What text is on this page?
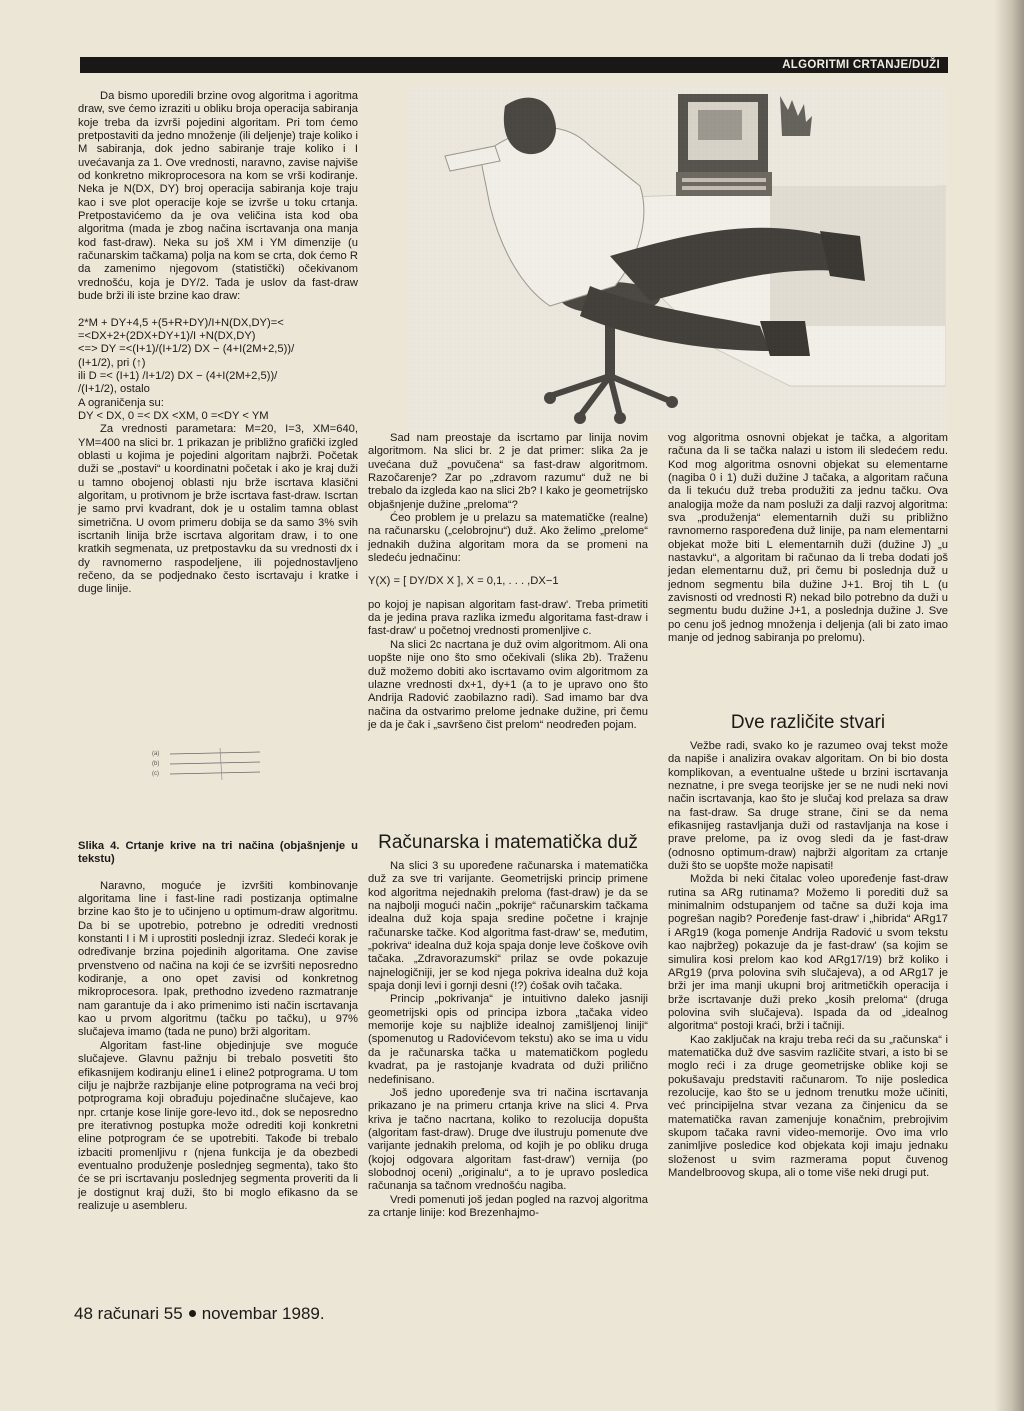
ALGORITMI CRTANJE/DUŽI

Da bismo uporedili brzine ovog algoritma i agoritma draw, sve ćemo izraziti u obliku broja operacija sabiranja koje treba da izvrši pojedini algoritam. Pri tom ćemo pretpostaviti da jedno množenje (ili deljenje) traje koliko i M sabiranja, dok jedno sabiranje traje koliko i I uvećavanja za 1. Ove vrednosti, naravno, zavise najviše od konkretno mikroprocesora na kom se vrši kodiranje. Neka je N(DX, DY) broj operacija sabiranja koje traju kao i sve plot operacije koje se izvrše u toku crtanja. Pretpostavićemo da je ova veličina ista kod oba algoritma (mada je zbog načina iscrtavanja ona manja kod fast-draw). Neka su još XM i YM dimenzije (u računarskim tačkama) polja na kom se crta, dok ćemo R da zamenimo njegovom (statistički) očekivanom vrednošću, koja je DY/2. Tada je uslov da fast-draw bude brži ili iste brzine kao draw:

2*M + DY+4,5 +(5+R+DY)/I+N(DX,DY)=<

=<DX+2+(2DX+DY+1)/I +N(DX,DY)

<=> DY =<(I+1)/(I+1/2) DX − (4+I(2M+2,5))/

(I+1/2), pri (↑)

ili D =< (I+1) /I+1/2) DX − (4+I(2M+2,5))/

/(I+1/2), ostalo

A ograničenja su:

DY < DX, 0 =< DX <XM, 0 =<DY < YM

Za vrednosti parametara: M=20, I=3, XM=640, YM=400 na slici br. 1 prikazan je približno grafički izgled oblasti u kojima je pojedini algoritam najbrži. Početak duži se „postavi“ u koordinatni početak i ako je kraj duži u tamno obojenoj oblasti nju brže iscrtava klasični algoritam, u protivnom je brže iscrtava fast-draw. Iscrtan je samo prvi kvadrant, dok je u ostalim tamna oblast simetrična. U ovom primeru dobija se da samo 3% svih iscrtanih linija brže iscrtava algoritam draw, i to one kratkih segmenata, uz pretpostavku da su vrednosti dx i dy ravnomerno raspodeljene, ili pojednostavljeno rečeno, da se podjednako često iscrtavaju i kratke i duge linije.

(a)
(b)
(c)

Slika 4. Crtanje krive na tri načina (objašnjenje u tekstu)

Naravno, moguće je izvršiti kombinovanje algoritama line i fast-line radi postizanja optimalne brzine kao što je to učinjeno u optimum-draw algoritmu. Da bi se upotrebio, potrebno je odrediti vrednosti konstanti I i M i uprostiti poslednji izraz. Sledeći korak je određivanje brzina pojedinih algoritama. One zavise prvenstveno od načina na koji će se izvršiti neposredno kodiranje, a ono opet zavisi od konkretnog mikroprocesora. Ipak, prethodno izvedeno razmatranje nam garantuje da i ako primenimo isti način iscrtavanja kao u prvom algoritmu (tačku po tačku), u 97% slučajeva imamo (tada ne puno) brži algoritam.

Algoritam fast-line objedinjuje sve moguće slučajeve. Glavnu pažnju bi trebalo posvetiti što efikasnijem kodiranju eline1 i eline2 potprograma. U tom cilju je najbrže razbijanje eline potprograma na veći broj potprograma koji obrađuju pojedinačne slučajeve, kao npr. crtanje kose linije gore-levo itd., dok se neposredno pre iterativnog postupka može odrediti koji konkretni eline potprogram će se upotrebiti. Takođe bi trebalo izbaciti promenljivu r (njena funkcija je da obezbedi eventualno produženje poslednjeg segmenta), tako što će se pri iscrtavanju poslednjeg segmenta proveriti da li je dostignut kraj duži, što bi moglo efikasno da se realizuje u asembleru.

Sad nam preostaje da iscrtamo par linija novim algoritmom. Na slici br. 2 je dat primer: slika 2a je uvećana duž „povučena“ sa fast-draw algoritmom. Razočarenje? Zar po „zdravom razumu“ duž ne bi trebalo da izgleda kao na slici 2b? I kako je geometrijsko objašnjenje dužine „preloma“?

Ćeo problem je u prelazu sa matematičke (realne) na računarsku („celobrojnu“) duž. Ako želimo „prelome“ jednakih dužina algoritam mora da se promeni na sledeću jednačinu:

Y(X) = [ DY/DX X ], X = 0,1, . . . ,DX−1

po kojoj je napisan algoritam fast-draw'. Treba primetiti da je jedina prava razlika između algoritama fast-draw i fast-draw' u početnoj vrednosti promenljive c.

Na slici 2c nacrtana je duž ovim algoritmom. Ali ona uopšte nije ono što smo očekivali (slika 2b). Traženu duž možemo dobiti ako iscrtavamo ovim algoritmom za ulazne vrednosti dx+1, dy+1 (a to je upravo ono što Andrija Radović zaobilazno radi). Sad imamo bar dva načina da ostvarimo prelome jednake dužine, pri čemu je da je čak i „savršeno čist prelom“ neodređen pojam.

Računarska i matematička duž

Na slici 3 su upoređene računarska i matematička duž za sve tri varijante. Geometrijski princip primene kod algoritma nejednakih preloma (fast-draw) je da se na najbolji mogući način „pokrije“ računarskim tačkama idealna duž koja spaja sredine početne i krajnje računarske tačke. Kod algoritma fast-draw' se, međutim, „pokriva“ idealna duž koja spaja donje leve čoškove ovih tačaka. „Zdravorazumski“ prilaz se ovde pokazuje najnelogičniji, jer se kod njega pokriva idealna duž koja spaja donji levi i gornji desni (!?) ćošak ovih tačaka.

Princip „pokrivanja“ je intuitivno daleko jasniji geometrijski opis od principa izbora „tačaka video memorije koje su najbliže idealnoj zamišljenoj liniji“ (spomenutog u Radovićevom tekstu) ako se ima u vidu da je računarska tačka u matematičkom pogledu kvadrat, pa je rastojanje kvadrata od duži prilično nedefinisano.

Još jedno upoređenje sva tri načina iscrtavanja prikazano je na primeru crtanja krive na slici 4. Prva kriva je tačno nacrtana, koliko to rezolucija dopušta (algoritam fast-draw). Druge dve ilustruju pomenute dve varijante jednakih preloma, od kojih je po obliku druga (kojoj odgovara algoritam fast-draw') vernija (po slobodnoj oceni) „originalu“, a to je upravo posledica računanja sa tačnom vrednošću nagiba.

Vredi pomenuti još jedan pogled na razvoj algoritma za crtanje linije: kod Brezenhajmo-

vog algoritma osnovni objekat je tačka, a algoritam računa da li se tačka nalazi u istom ili sledećem redu. Kod mog algoritma osnovni objekat su elementarne (nagiba 0 i 1) duži dužine J tačaka, a algoritam računa da li tekuću duž treba produžiti za jednu tačku. Ova analogija može da nam posluži za dalji razvoj algoritma: sva „produženja“ elementarnih duži su približno ravnomerno raspoređena duž linije, pa nam elementarni objekat može biti L elementarnih duži (dužine J) „u nastavku“, a algoritam bi računao da li treba dodati još jedan elementarnu duž, pri čemu bi poslednja duž u jednom segmentu bila dužine J+1. Broj tih L (u zavisnosti od vrednosti R) nekad bilo potrebno da duži u segmentu budu dužine J+1, a poslednja dužine J. Sve po cenu još jednog množenja i deljenja (ali bi zato imao manje od jednog sabiranja po prelomu).

Dve različite stvari

Vežbe radi, svako ko je razumeo ovaj tekst može da napiše i analizira ovakav algoritam. On bi bio dosta komplikovan, a eventualne uštede u brzini iscrtavanja neznatne, i pre svega teorijske jer se ne nudi neki novi način iscrtavanja, kao što je slučaj kod prelaza sa draw na fast-draw. Sa druge strane, čini se da nema efikasnijeg rastavljanja duži od rastavljanja na kose i prave prelome, pa iz ovog sledi da je fast-draw (odnosno optimum-draw) najbrži algoritam za crtanje duži što se uopšte može napisati!

Možda bi neki čitalac voleo upoređenje fast-draw rutina sa ARg rutinama? Možemo li porediti duž sa minimalnim odstupanjem od tačne sa duži koja ima pogrešan nagib? Poređenje fast-draw' i „hibrida“ ARg17 i ARg19 (koga pomenje Andrija Radović u svom tekstu kao najbržeg) pokazuje da je fast-draw' (sa kojim se simulira kosi prelom kao kod ARg17/19) brž koliko i ARg19 (prva polovina svih slučajeva), a od ARg17 je brži jer ima manji ukupni broj aritmetičkih operacija i brže iscrtavanje duži preko „kosih preloma“ (druga polovina svih slučajeva). Ispada da od „idealnog algoritma“ postoji kraći, brži i tačniji.

Kao zaključak na kraju treba reći da su „računska“ i matematička duž dve sasvim različite stvari, a isto bi se moglo reći i za druge geometrijske oblike koji se pokušavaju predstaviti računarom. To nije posledica rezolucije, kao što se u jednom trenutku može učiniti, već principijelna stvar vezana za činjenicu da se matematička ravan zamenjuje konačnim, prebrojivim skupom tačaka ravni video-memorije. Ovo ima vrlo zanimljive posledice kod objekata koji imaju jednaku složenost u svim razmerama poput čuvenog Mandelbroovog skupa, ali o tome više neki drugi put.

48 računari 55 novembar 1989.
